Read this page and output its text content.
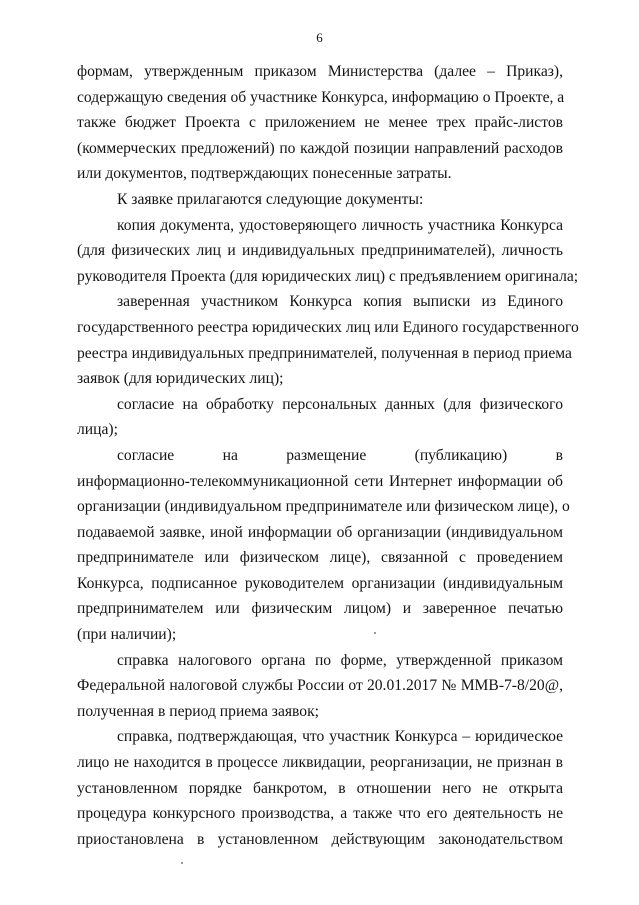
6
формам, утвержденным приказом Министерства (далее – Приказ),
содержащую сведения об участнике Конкурса, информацию о Проекте, а
также бюджет Проекта с приложением не менее трех прайс-листов
(коммерческих предложений) по каждой позиции направлений расходов
или документов, подтверждающих понесенные затраты.
К заявке прилагаются следующие документы:
копия документа, удостоверяющего личность участника Конкурса
(для физических лиц и индивидуальных предпринимателей), личность
руководителя Проекта (для юридических лиц) с предъявлением оригинала;
заверенная участником Конкурса копия выписки из Единого
государственного реестра юридических лиц или Единого государственного
реестра индивидуальных предпринимателей, полученная в период приема
заявок (для юридических лиц);
согласие на обработку персональных данных (для физического
лица);
согласие на размещение (публикацию) в
информационно-телекоммуникационной сети Интернет информации об
организации (индивидуальном предпринимателе или физическом лице), о
подаваемой заявке, иной информации об организации (индивидуальном
предпринимателе или физическом лице), связанной с проведением
Конкурса, подписанное руководителем организации (индивидуальным
предпринимателем или физическим лицом) и заверенное печатью
(при наличии);
справка налогового органа по форме, утвержденной приказом
Федеральной налоговой службы России от 20.01.2017 № ММВ-7-8/20@,
полученная в период приема заявок;
справка, подтверждающая, что участник Конкурса – юридическое
лицо не находится в процессе ликвидации, реорганизации, не признан в
установленном порядке банкротом, в отношении него не открыта
процедура конкурсного производства, а также что его деятельность не
приостановлена в установленном действующим законодательством
